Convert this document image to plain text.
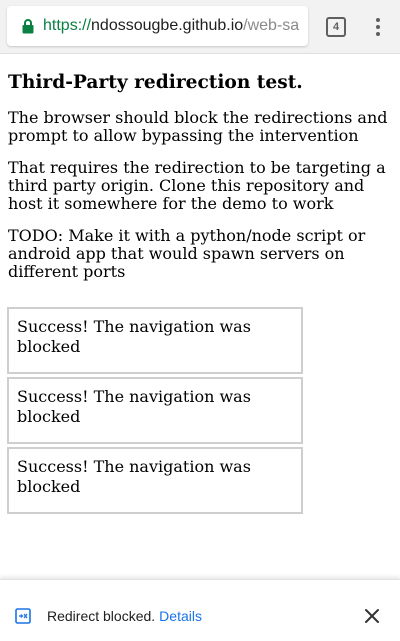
https://ndossougbe.github.io/web-sa	4
Third-Party redirection test.

The browser should block the redirections and prompt to allow bypassing the intervention

That requires the redirection to be targeting a third party origin. Clone this repository and host it somewhere for the demo to work

TODO: Make it with a python/node script or android app that would spawn servers on different ports

Success! The navigation was blocked
Success! The navigation was blocked
Success! The navigation was blocked
Redirect blocked. Details
